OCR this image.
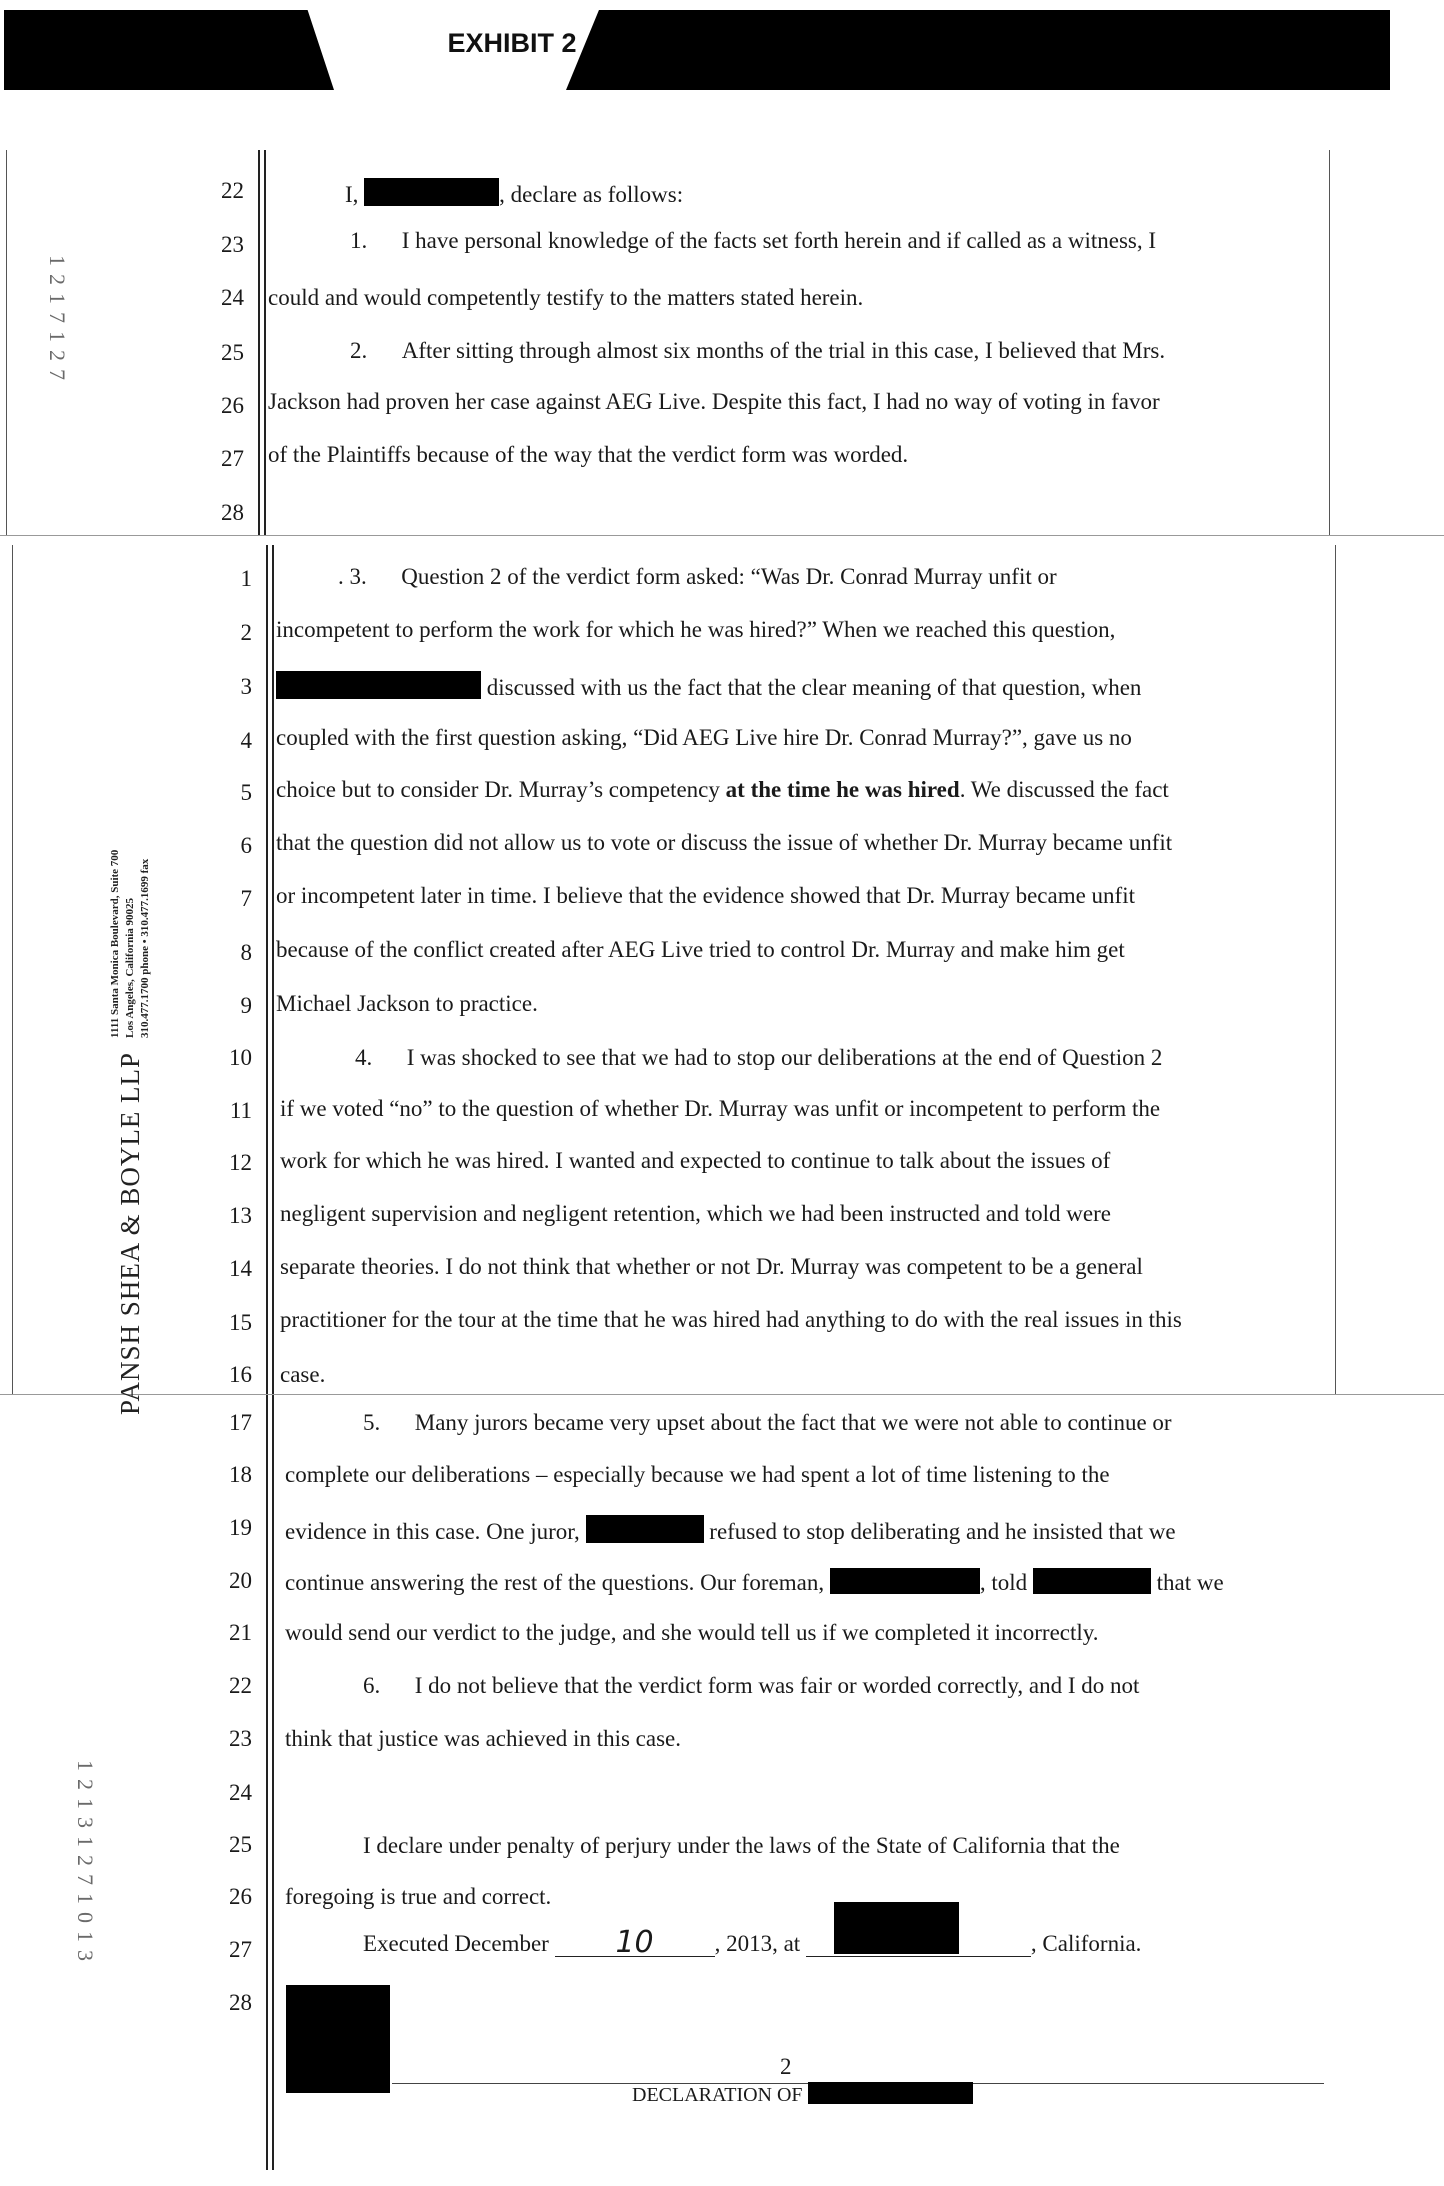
EXHIBIT 2
1217127
12131271013
PANSH SHEA & BOYLE LLP
1111 Santa Monica Boulevard, Suite 700 Los Angeles, California 90025 310.477.1700 phone • 310.477.1699 fax
22	I,	, declare as follows:
23	1.      I have personal knowledge of the facts set forth herein and if called as a witness, I
24 could and would competently testify to the matters stated herein.
25	2.      After sitting through almost six months of the trial in this case, I believed that Mrs.
26 Jackson had proven her case against AEG Live. Despite this fact, I had no way of voting in favor
27 of the Plaintiffs because of the way that the verdict form was worded.
28
1	. 3.      Question 2 of the verdict form asked: “Was Dr. Conrad Murray unfit or
2 incompetent to perform the work for which he was hired?” When we reached this question,
3	discussed with us the fact that the clear meaning of that question, when
4 coupled with the first question asking, “Did AEG Live hire Dr. Conrad Murray?”, gave us no
5 choice but to consider Dr. Murray’s competency at the time he was hired. We discussed the fact
6 that the question did not allow us to vote or discuss the issue of whether Dr. Murray became unfit
7 or incompetent later in time. I believe that the evidence showed that Dr. Murray became unfit
8 because of the conflict created after AEG Live tried to control Dr. Murray and make him get
9 Michael Jackson to practice.
10	4.      I was shocked to see that we had to stop our deliberations at the end of Question 2
11 if we voted “no” to the question of whether Dr. Murray was unfit or incompetent to perform the
12 work for which he was hired. I wanted and expected to continue to talk about the issues of
13 negligent supervision and negligent retention, which we had been instructed and told were
14 separate theories. I do not think that whether or not Dr. Murray was competent to be a general
15 practitioner for the tour at the time that he was hired had anything to do with the real issues in this
16 case.
17	5.      Many jurors became very upset about the fact that we were not able to continue or
18 complete our deliberations – especially because we had spent a lot of time listening to the
19 evidence in this case. One juror,	refused to stop deliberating and he insisted that we
20 continue answering the rest of the questions. Our foreman,	, told	that we
21 would send our verdict to the judge, and she would tell us if we completed it incorrectly.
22	6.      I do not believe that the verdict form was fair or worded correctly, and I do not
23 think that justice was achieved in this case.
24
25	I declare under penalty of perjury under the laws of the State of California that the
26 foregoing is true and correct.
27	Executed December 10	, 2013, at	, California.
28
2
DECLARATION OF
